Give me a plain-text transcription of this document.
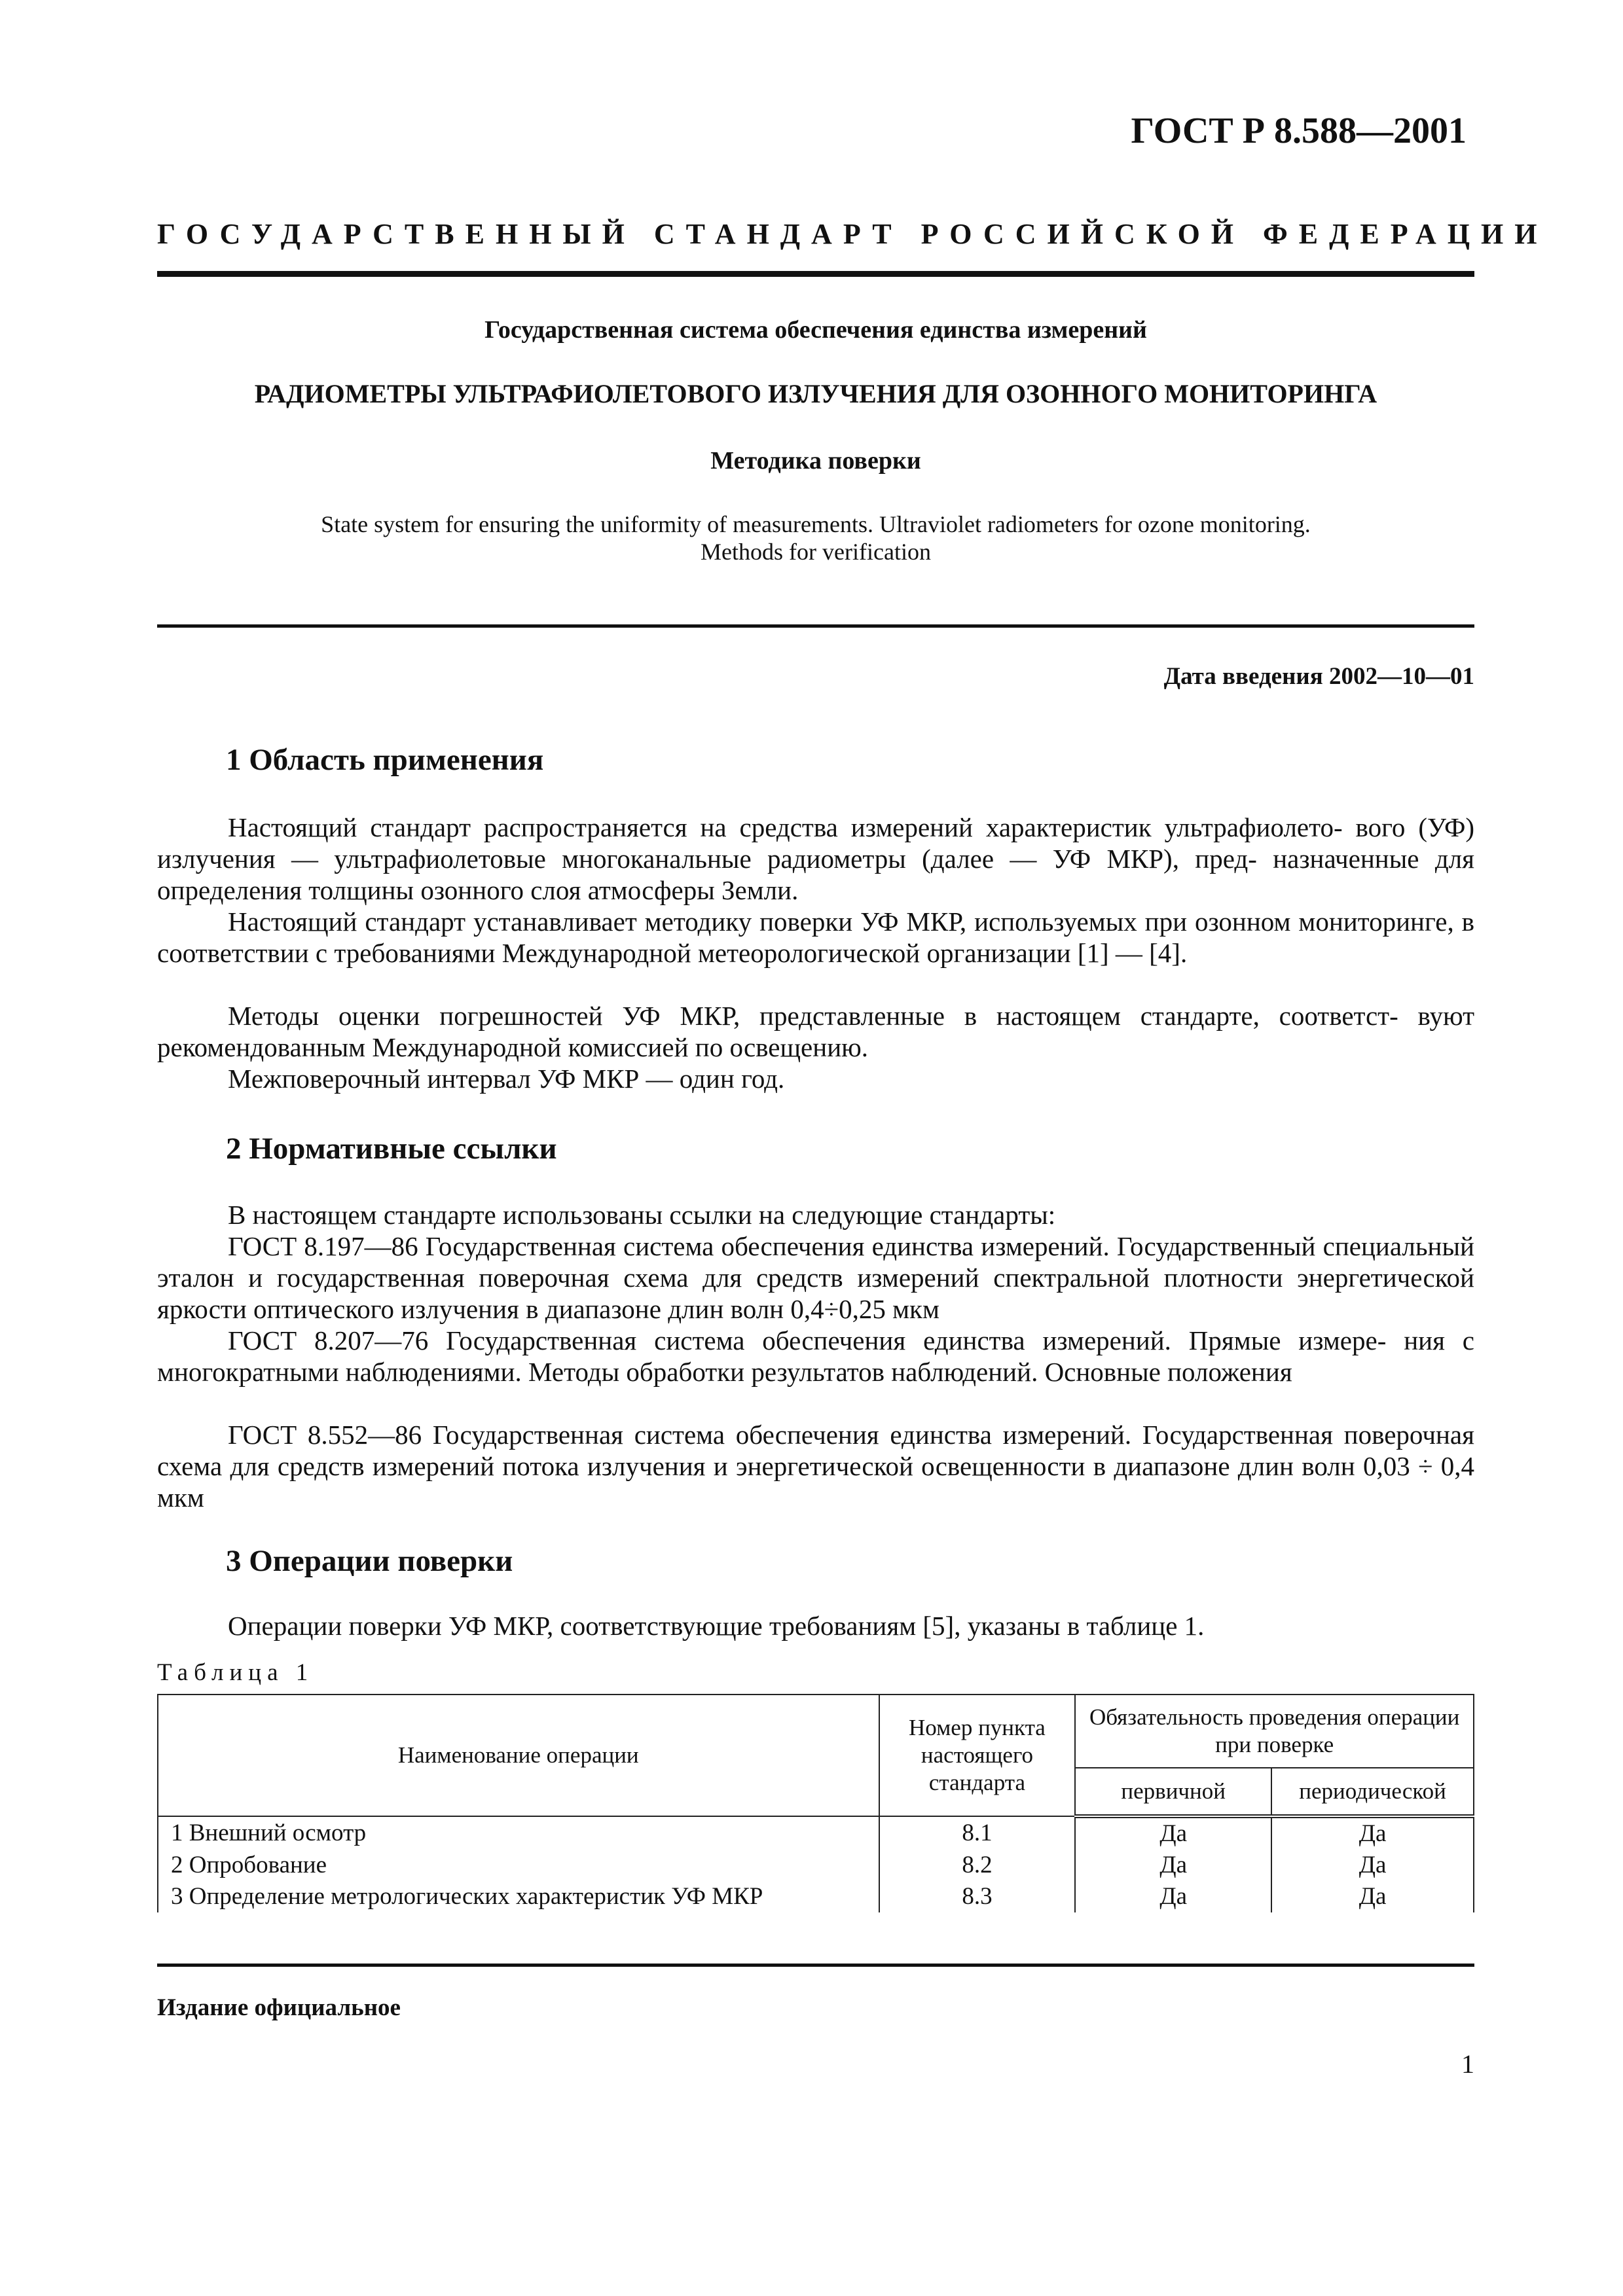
ГОСТ Р 8.588—2001
ГОСУДАРСТВЕННЫЙ СТАНДАРТ РОССИЙСКОЙ ФЕДЕРАЦИИ
Государственная система обеспечения единства измерений
РАДИОМЕТРЫ УЛЬТРАФИОЛЕТОВОГО ИЗЛУЧЕНИЯ ДЛЯ ОЗОННОГО МОНИТОРИНГА
Методика поверки
State system for ensuring the uniformity of measurements. Ultraviolet radiometers for ozone monitoring.
Methods for verification
Дата введения 2002—10—01
1 Область применения
Настоящий стандарт распространяется на средства измерений характеристик ультрафиолето- вого (УФ) излучения — ультрафиолетовые многоканальные радиометры (далее — УФ МКР), пред- назначенные для определения толщины озонного слоя атмосферы Земли.
Настоящий стандарт устанавливает методику поверки УФ МКР, используемых при озонном мониторинге, в соответствии с требованиями Международной метеорологической организации [1] — [4].
Методы оценки погрешностей УФ МКР, представленные в настоящем стандарте, соответст- вуют рекомендованным Международной комиссией по освещению.
Межповерочный интервал УФ МКР — один год.
2 Нормативные ссылки
В настоящем стандарте использованы ссылки на следующие стандарты:
ГОСТ 8.197—86 Государственная система обеспечения единства измерений. Государственный специальный эталон и государственная поверочная схема для средств измерений спектральной плотности энергетической яркости оптического излучения в диапазоне длин волн 0,4÷0,25 мкм
ГОСТ 8.207—76 Государственная система обеспечения единства измерений. Прямые измере- ния с многократными наблюдениями. Методы обработки результатов наблюдений. Основные положения
ГОСТ 8.552—86 Государственная система обеспечения единства измерений. Государственная поверочная схема для средств измерений потока излучения и энергетической освещенности в диапазоне длин волн 0,03 ÷ 0,4 мкм
3 Операции поверки
Операции поверки УФ МКР, соответствующие требованиям [5], указаны в таблице 1.
Таблица 1
Наименование операции	Номер пункта настоящего стандарта	Обязательность проведения операции при поверке	
		первичной	периодической
1 Внешний осмотр	8.1	Да	Да
2 Опробование	8.2	Да	Да
3 Определение метрологических характеристик УФ МКР	8.3	Да	Да
Издание официальное
1
